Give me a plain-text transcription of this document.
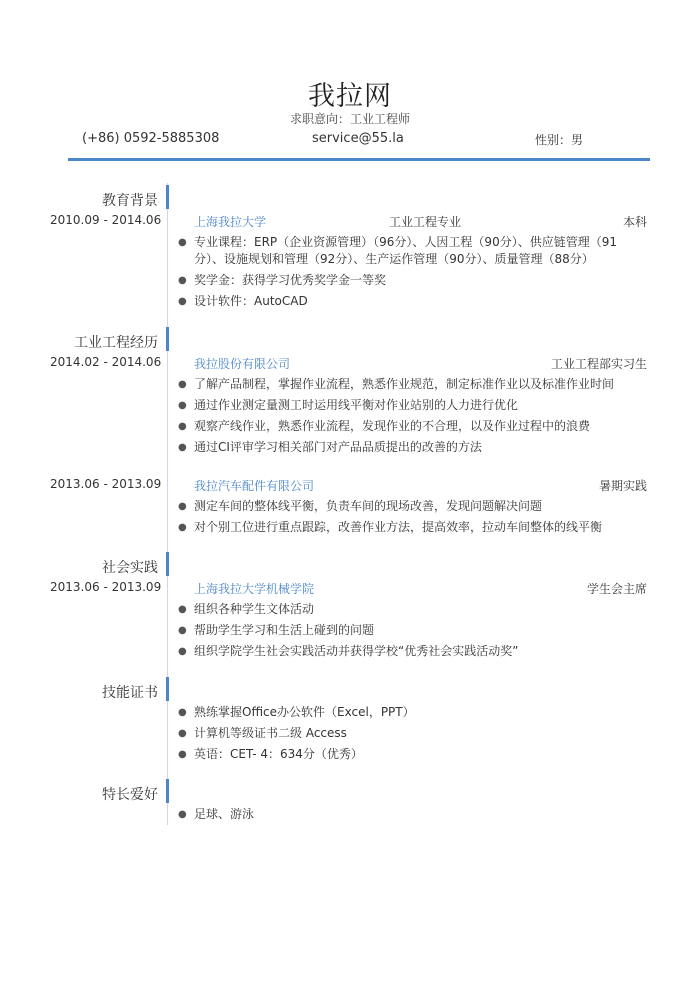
我拉网
求职意向：工业工程师
(+86) 0592-5885308	service@55.la	性别：男
教育背景
2010.09 - 2014.06	上海我拉大学	工业工程专业	本科
● 专业课程：ERP（企业资源管理）（96分）、人因工程（90分）、供应链管理（91
分）、设施规划和管理（92分）、生产运作管理（90分）、质量管理（88分）
● 奖学金：获得学习优秀奖学金一等奖
● 设计软件：AutoCAD
工业工程经历
2014.02 - 2014.06	我拉股份有限公司	工业工程部实习生
● 了解产品制程，掌握作业流程，熟悉作业规范，制定标准作业以及标准作业时间
● 通过作业测定量测工时运用线平衡对作业站别的人力进行优化
● 观察产线作业，熟悉作业流程，发现作业的不合理，以及作业过程中的浪费
● 通过CI评审学习相关部门对产品品质提出的改善的方法
2013.06 - 2013.09	我拉汽车配件有限公司	暑期实践
● 测定车间的整体线平衡，负责车间的现场改善，发现问题解决问题
● 对个别工位进行重点跟踪，改善作业方法，提高效率，拉动车间整体的线平衡
社会实践
2013.06 - 2013.09	上海我拉大学机械学院	学生会主席
● 组织各种学生文体活动
● 帮助学生学习和生活上碰到的问题
● 组织学院学生社会实践活动并获得学校“优秀社会实践活动奖”
技能证书
● 熟练掌握Office办公软件（Excel，PPT）
● 计算机等级证书二级 Access
● 英语：CET- 4：634分（优秀）
特长爱好
● 足球、游泳
